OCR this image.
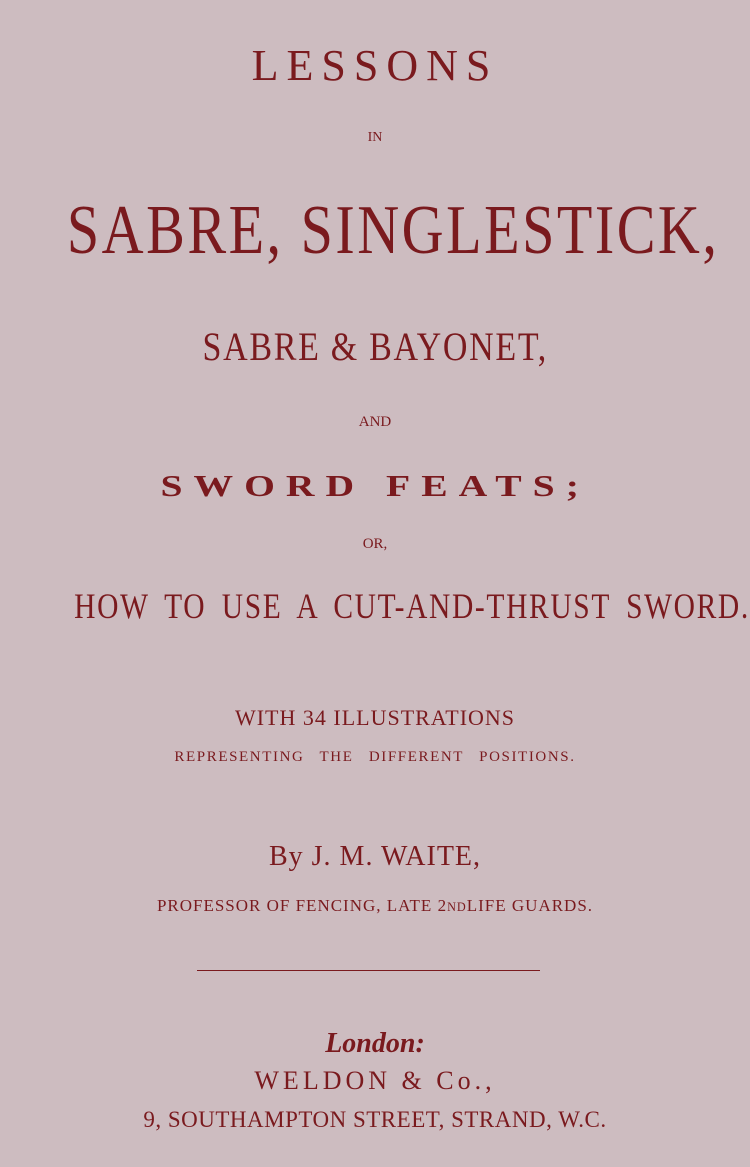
LESSONS
IN
SABRE, SINGLESTICK,
SABRE & BAYONET,
AND
SWORD FEATS;
OR,
HOW TO USE A CUT-AND-THRUST SWORD.
WITH 34 ILLUSTRATIONS
REPRESENTING THE DIFFERENT POSITIONS.
By J. M. WAITE,
PROFESSOR OF FENCING, LATE 2NDLIFE GUARDS.
London:
WELDON & Co.,
9, SOUTHAMPTON STREET, STRAND, W.C.
